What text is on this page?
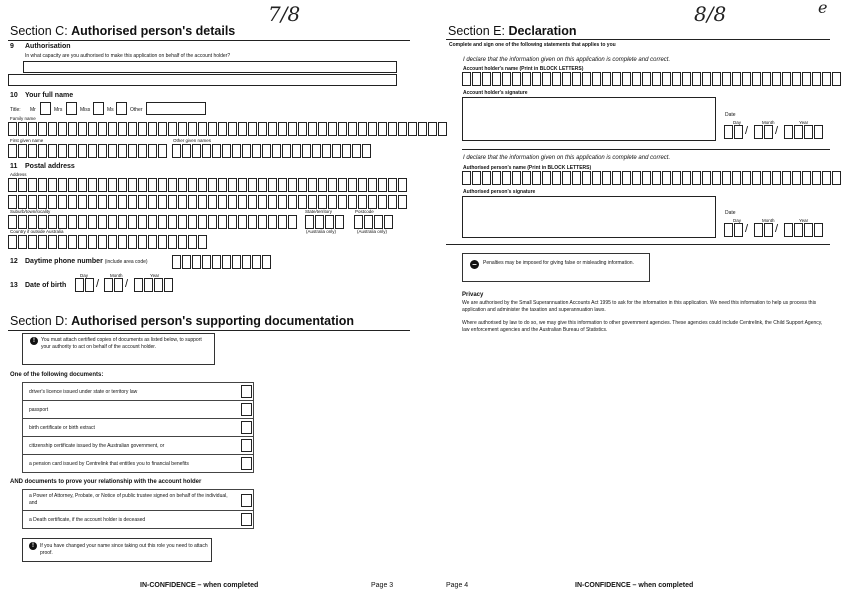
7/8
Section C: Authorised person's details
9 Authorisation
In what capacity are you authorised to make this application on behalf of the account holder?
10 Your full name
Title: Mr	Mrs	Miss	Ms	Other
Family name
First given name	Other given names
11 Postal address
Address
Suburb/town/locality	State/territory	Postcode
(Australia only)	(Australia only)
Country if outside Australia
12 Daytime phone number (include area code)
Day	Month	Year
13 Date of birth	/ /
Section D: Authorised person's supporting documentation
!	You must attach certified copies of documents as listed below, to support your authority to act on behalf of the account holder.
One of the following documents:
driver's licence issued under state or territory law
passport
birth certificate or birth extract
citizenship certificate issued by the Australian government, or
a pension card issued by Centrelink that entitles you to financial benefits
AND documents to prove your relationship with the account holder
a Power of Attorney, Probate, or Notice of public trustee signed on behalf of the individual, and
a Death certificate, if the account holder is deceased
!	If you have changed your name since taking out this role you need to attach proof.
IN-CONFIDENCE – when completed	Page 3
8/8	e
Section E: Declaration
Complete and sign one of the following statements that applies to you
I declare that the information given on this application is complete and correct.
Account holder's name (Print in BLOCK LETTERS)
Account holder's signature
Date
Day	Month	Year
/ /
I declare that the information given on this application is complete and correct.
Authorised person's name (Print in BLOCK LETTERS)
Authorised person's signature
Date
Day	Month	Year
/ /
–	Penalties may be imposed for giving false or misleading information.
Privacy
We are authorised by the Small Superannuation Accounts Act 1995 to ask for the information in this application. We need this information to help us process this application and administer the taxation and superannuation laws.
Where authorised by law to do so, we may give this information to other government agencies. These agencies could include Centrelink, the Child Support Agency, law enforcement agencies and the Australian Bureau of Statistics.
Page 4	IN-CONFIDENCE – when completed
